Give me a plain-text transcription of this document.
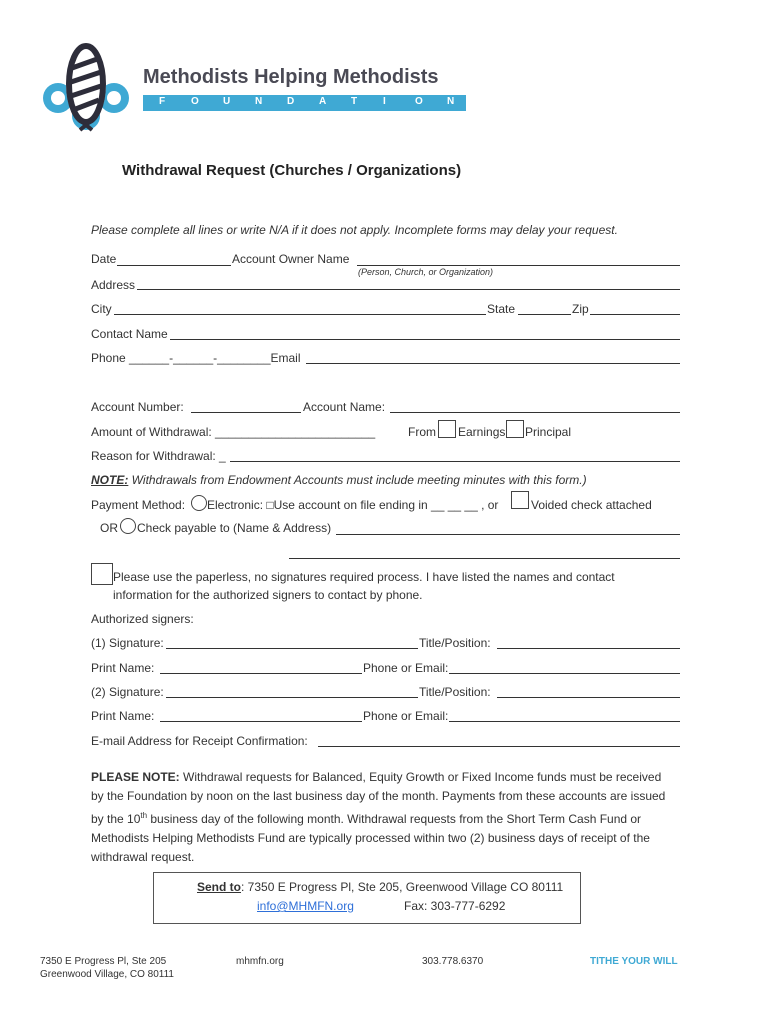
Methodists Helping Methodists
F	O U N D A T	I	O N
Withdrawal Request (Churches / Organizations)
Please complete all lines or write N/A if it does not apply. Incomplete forms may delay your request.
Date	Account Owner Name
(Person, Church, or Organization)
Address
City	State	Zip
Contact Name
Phone ______-______-________Email
Account Number:	Account Name:
Amount of Withdrawal: ________________________	From Earnings Principal
Reason for Withdrawal: _
NOTE: Withdrawals from Endowment Accounts must include meeting minutes with this form.)
Payment Method: Electronic: □Use account on file ending in __ __ __ , or	Voided check attached
OR Check payable to (Name & Address)
Please use the paperless, no signatures required process. I have listed the names and contact
information for the authorized signers to contact by phone.
Authorized signers:
(1) Signature:	Title/Position:
Print Name:	Phone or Email:
(2) Signature:	Title/Position:
Print Name:	Phone or Email:
E-mail Address for Receipt Confirmation:
PLEASE NOTE: Withdrawal requests for Balanced, Equity Growth or Fixed Income funds must be received
by the Foundation by noon on the last business day of the month. Payments from these accounts are issued
by the 10th business day of the following month. Withdrawal requests from the Short Term Cash Fund or
Methodists Helping Methodists Fund are typically processed within two (2) business days of receipt of the
withdrawal request.
Send to: 7350 E Progress Pl, Ste 205, Greenwood Village CO 80111
info@MHMFN.org	Fax: 303-777-6292
7350 E Progress Pl, Ste 205
Greenwood Village, CO 80111
mhmfn.org	303.778.6370	TITHE YOUR WILL
